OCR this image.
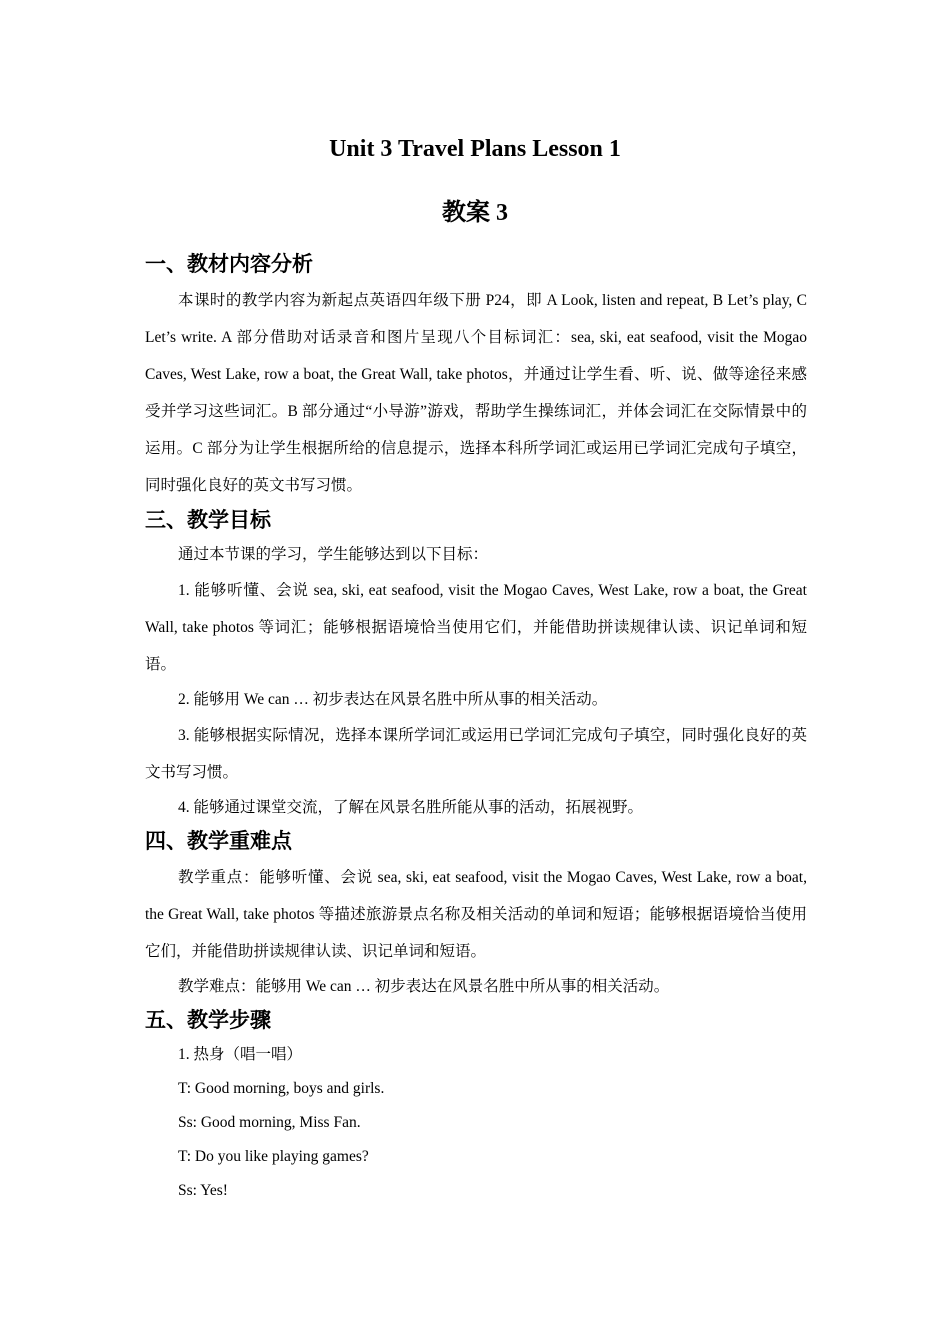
Unit 3 Travel Plans Lesson 1
教案 3
一、教材内容分析

本课时的教学内容为新起点英语四年级下册 P24，即 A Look, listen and repeat, B Let’s play, C Let’s write. A 部分借助对话录音和图片呈现八个目标词汇：sea, ski, eat seafood, visit the Mogao Caves, West Lake, row a boat, the Great Wall, take photos，并通过让学生看、听、说、做等途径来感受并学习这些词汇。B 部分通过“小导游”游戏，帮助学生操练词汇，并体会词汇在交际情景中的运用。C 部分为让学生根据所给的信息提示，选择本科所学词汇或运用已学词汇完成句子填空，同时强化良好的英文书写习惯。

三、教学目标

通过本节课的学习，学生能够达到以下目标：

1. 能够听懂、会说 sea, ski, eat seafood, visit the Mogao Caves, West Lake, row a boat, the Great Wall, take photos 等词汇；能够根据语境恰当使用它们，并能借助拼读规律认读、识记单词和短语。

2. 能够用 We can … 初步表达在风景名胜中所从事的相关活动。

3. 能够根据实际情况，选择本课所学词汇或运用已学词汇完成句子填空，同时强化良好的英文书写习惯。

4. 能够通过课堂交流，了解在风景名胜所能从事的活动，拓展视野。

四、教学重难点

教学重点：能够听懂、会说 sea, ski, eat seafood, visit the Mogao Caves, West Lake, row a boat, the Great Wall, take photos 等描述旅游景点名称及相关活动的单词和短语；能够根据语境恰当使用它们，并能借助拼读规律认读、识记单词和短语。

教学难点：能够用 We can … 初步表达在风景名胜中所从事的相关活动。

五、教学步骤

1. 热身（唱一唱）

T: Good morning, boys and girls.

Ss: Good morning, Miss Fan.

T: Do you like playing games?

Ss: Yes!
